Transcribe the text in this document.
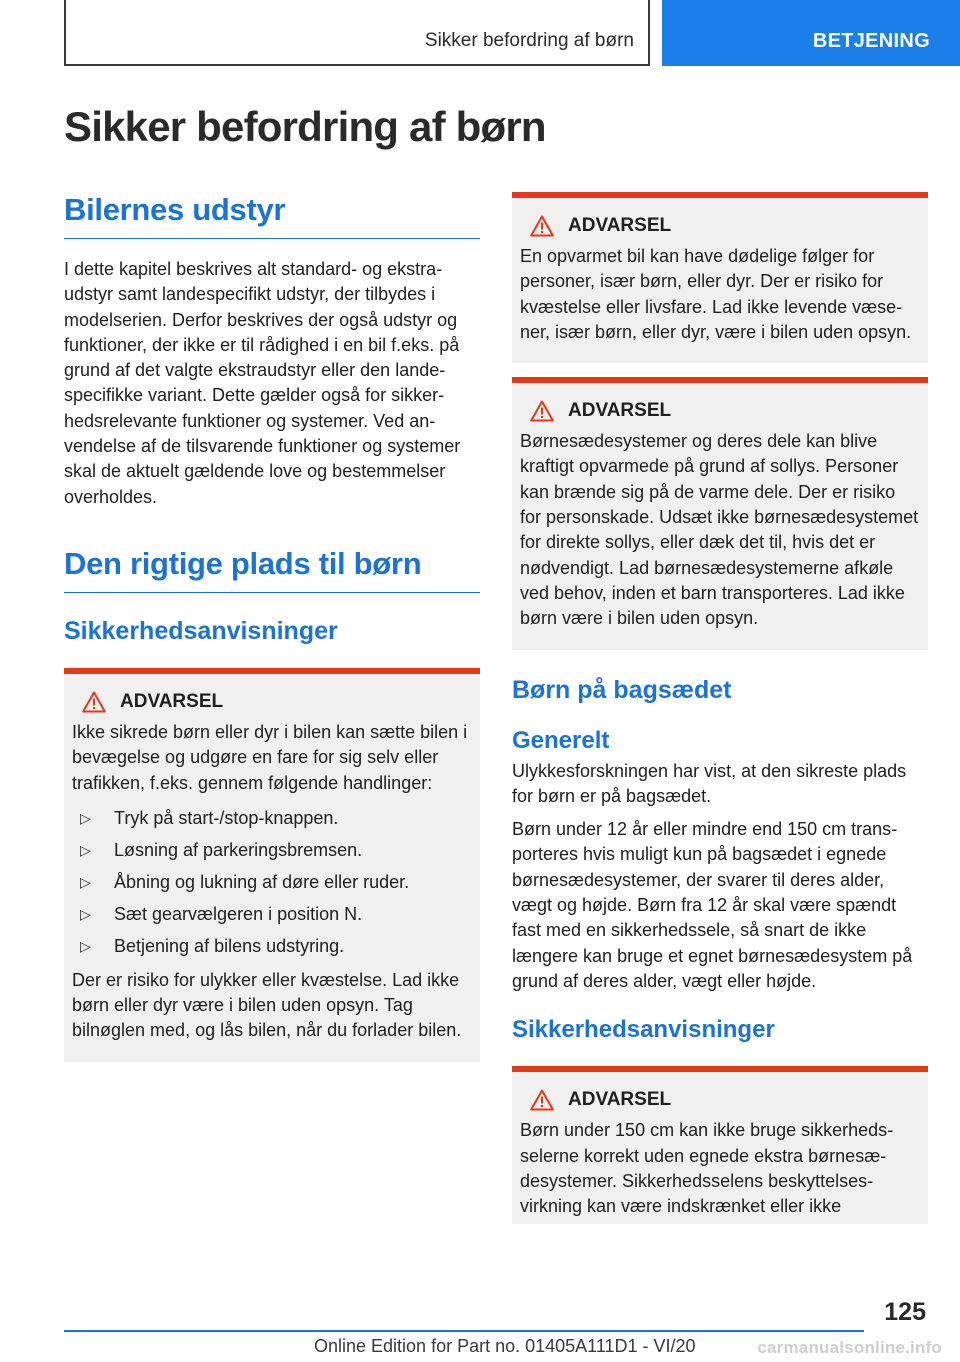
Sikker befordring af børn	BETJENING
Sikker befordring af børn
Bilernes udstyr

I dette kapitel beskrives alt standard- og ekstraudstyr samt landespecifikt udstyr, der tilbydes i modelserien. Derfor beskrives der også udstyr og funktioner, der ikke er til rådighed i en bil f.eks. på grund af det valgte ekstraudstyr eller den landespecifikke variant. Dette gælder også for sikkerhedsrelevante funktioner og systemer. Ved anvendelse af de tilsvarende funktioner og systemer skal de aktuelt gældende love og bestemmelser overholdes.

Den rigtige plads til børn
Sikkerhedsanvisninger
ADVARSEL

Ikke sikrede børn eller dyr i bilen kan sætte bilen i bevægelse og udgøre en fare for sig selv eller trafikken, f.eks. gennem følgende handlinger:

▷	Tryk på start-/stop-knappen.
▷	Løsning af parkeringsbremsen.
▷	Åbning og lukning af døre eller ruder.
▷	Sæt gearvælgeren i position N.
▷	Betjening af bilens udstyring.

Der er risiko for ulykker eller kvæstelse. Lad ikke børn eller dyr være i bilen uden opsyn. Tag bilnøglen med, og lås bilen, når du forlader bilen.

ADVARSEL

En opvarmet bil kan have dødelige følger for personer, især børn, eller dyr. Der er risiko for kvæstelse eller livsfare. Lad ikke levende væsener, især børn, eller dyr, være i bilen uden opsyn.

ADVARSEL

Børnesædesystemer og deres dele kan blive kraftigt opvarmede på grund af sollys. Personer kan brænde sig på de varme dele. Der er risiko for personskade. Udsæt ikke børnesædesystemet for direkte sollys, eller dæk det til, hvis det er nødvendigt. Lad børnesædesystemerne afkøle ved behov, inden et barn transporteres. Lad ikke børn være i bilen uden opsyn.

Børn på bagsædet
Generelt

Ulykkesforskningen har vist, at den sikreste plads for børn er på bagsædet.

Børn under 12 år eller mindre end 150 cm transporteres hvis muligt kun på bagsædet i egnede børnesædesystemer, der svarer til deres alder, vægt og højde. Børn fra 12 år skal være spændt fast med en sikkerhedssele, så snart de ikke længere kan bruge et egnet børnesædesystem på grund af deres alder, vægt eller højde.

Sikkerhedsanvisninger
ADVARSEL

Børn under 150 cm kan ikke bruge sikkerhedsselerne korrekt uden egnede ekstra børnesædesystemer. Sikkerhedsselens beskyttelsesvirkning kan være indskrænket eller ikke

125
Online Edition for Part no. 01405A111D1 - VI/20	carmanualsonline.info
